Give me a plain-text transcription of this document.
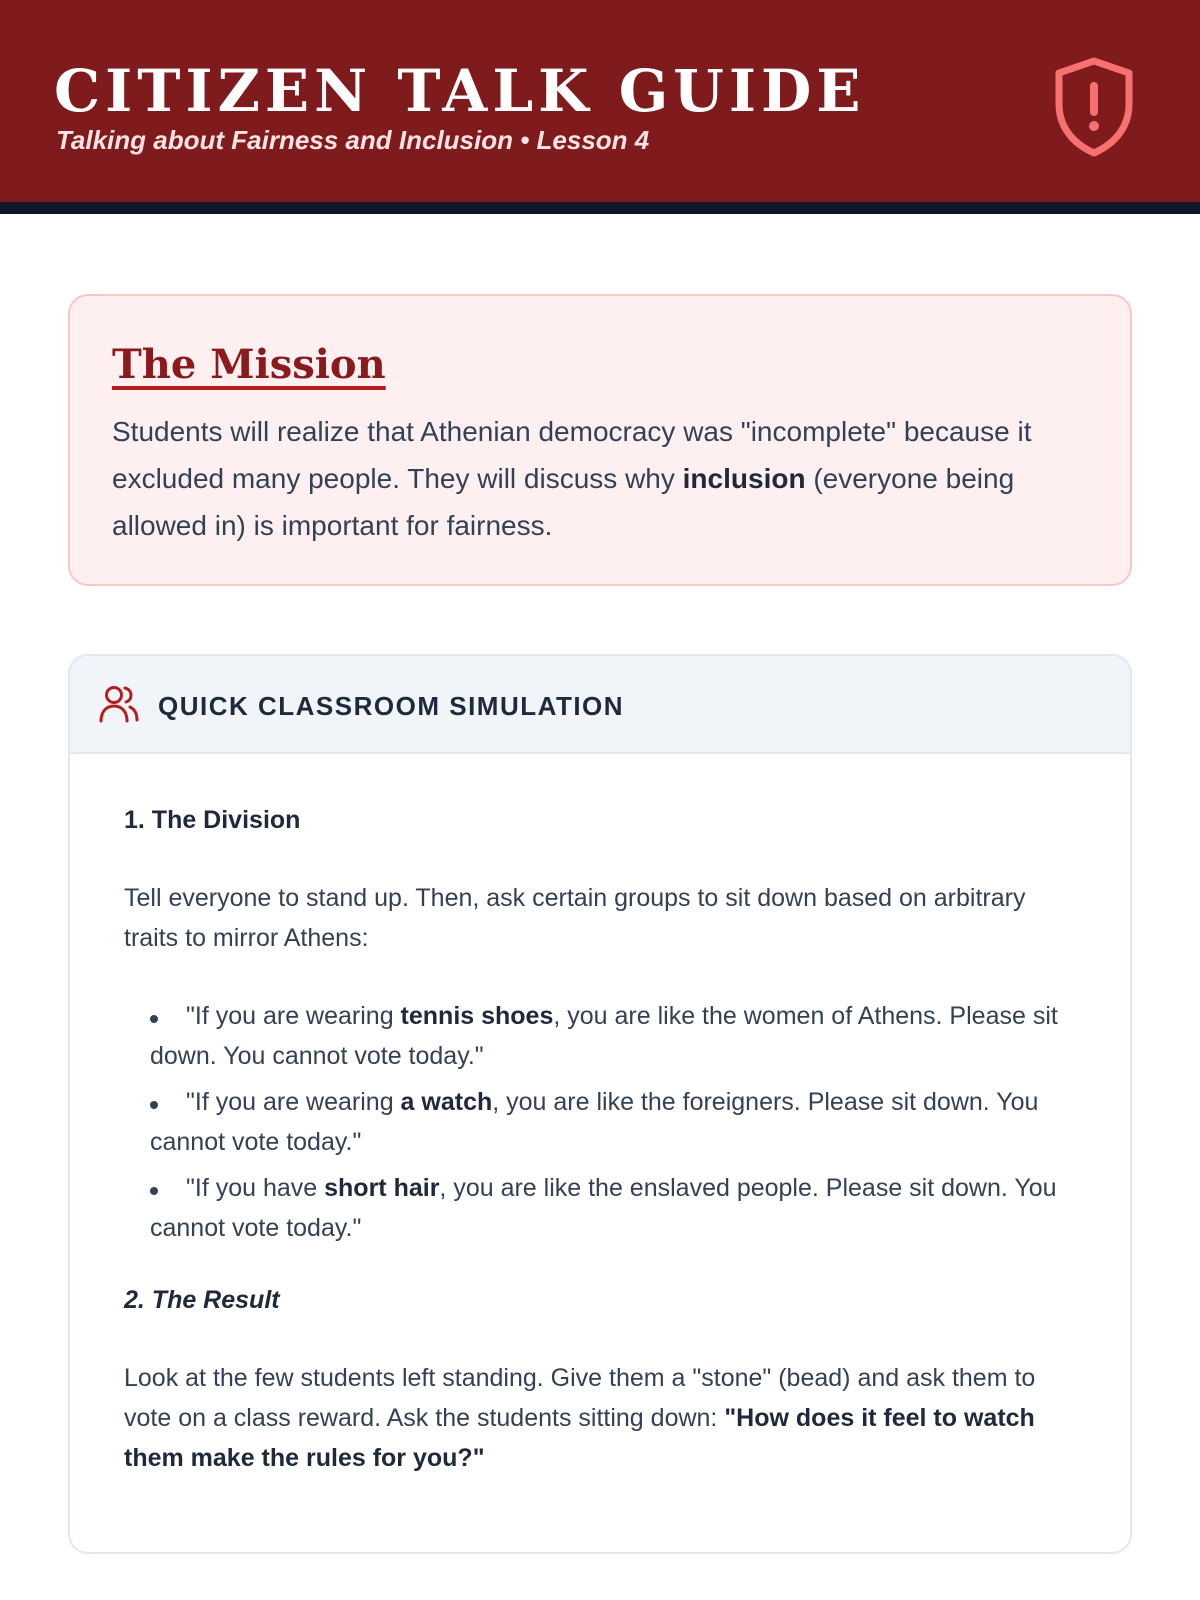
CITIZEN TALK GUIDE
Talking about Fairness and Inclusion • Lesson 4
The Mission
Students will realize that Athenian democracy was "incomplete" because it excluded many people. They will discuss why inclusion (everyone being allowed in) is important for fairness.
QUICK CLASSROOM SIMULATION
1. The Division
Tell everyone to stand up. Then, ask certain groups to sit down based on arbitrary traits to mirror Athens:
"If you are wearing tennis shoes, you are like the women of Athens. Please sit down. You cannot vote today."
"If you are wearing a watch, you are like the foreigners. Please sit down. You cannot vote today."
"If you have short hair, you are like the enslaved people. Please sit down. You cannot vote today."
2. The Result
Look at the few students left standing. Give them a "stone" (bead) and ask them to vote on a class reward. Ask the students sitting down: "How does it feel to watch them make the rules for you?"
